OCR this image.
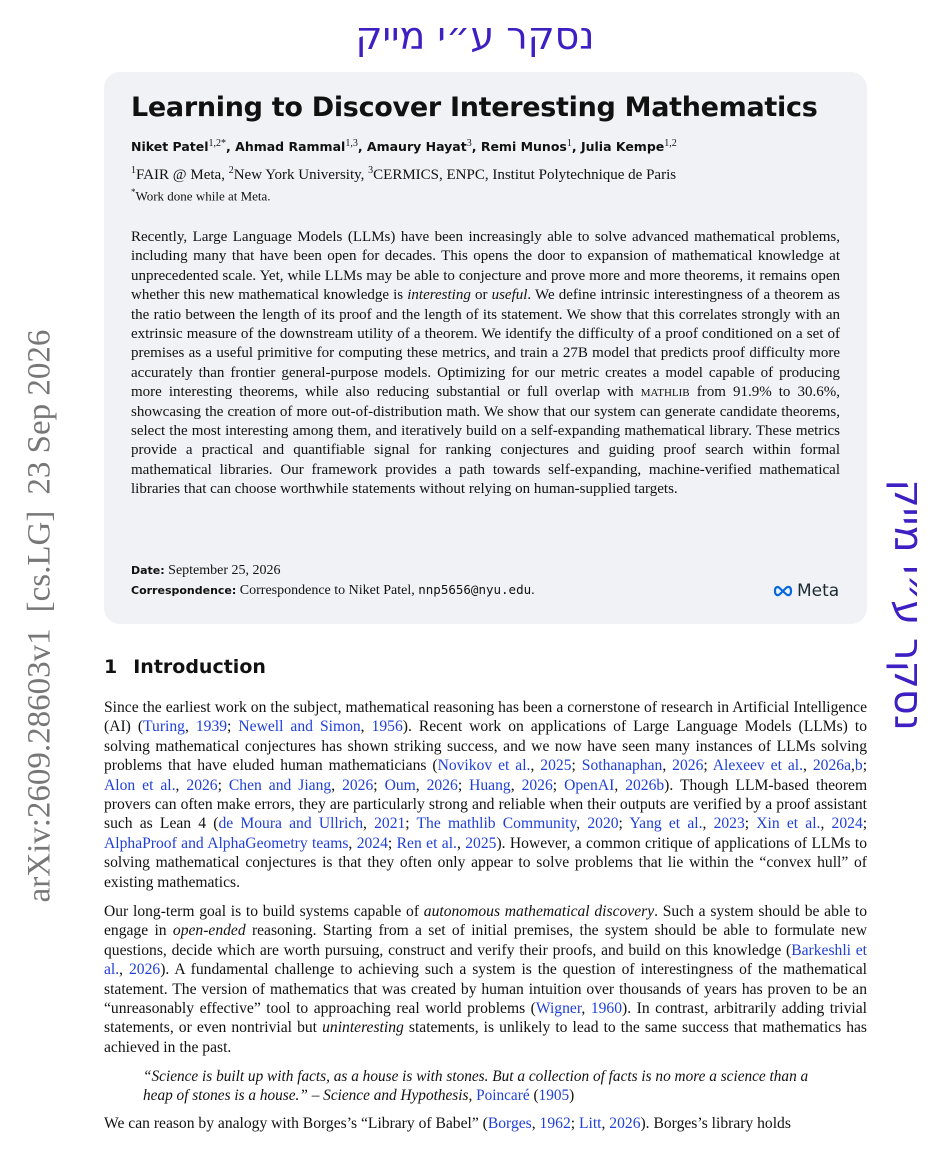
נסקר ע״י מייק
נסקר ע״י מייק
arXiv:2609.28603v1[cs.LG]23 Sep 2026
Learning to Discover Interesting Mathematics
Niket Patel$^{1,2*}$, Ahmad Rammal$^{1,3}$, Amaury Hayat$^3$, Remi Munos$^1$, Julia Kempe$^{1,2}$
$^1$FAIR @ Meta, $^2$New York University, $^3$CERMICS, ENPC, Institut Polytechnique de Paris
*Work done while at Meta.

Recently, Large Language Models (LLMs) have been increasingly able to solve advanced mathematical problems, including many that have been open for decades. This opens the door to expansion of mathematical knowledge at unprecedented scale. Yet, while LLMs may be able to conjecture and prove more and more theorems, it remains open whether this new mathematical knowledge is interesting or useful. We define intrinsic interestingness of a theorem as the ratio between the length of its proof and the length of its statement. We show that this correlates strongly with an extrinsic measure of the downstream utility of a theorem. We identify the difficulty of a proof conditioned on a set of premises as a useful primitive for computing these metrics, and train a 27B model that predicts proof difficulty more accurately than frontier general-purpose models. Optimizing for our metric creates a model capable of producing more interesting theorems, while also reducing substantial or full overlap with mathlib from 91.9% to 30.6%, showcasing the creation of more out-of-distribution math. We show that our system can generate candidate theorems, select the most interesting among them, and iteratively build on a self-expanding mathematical library. These metrics provide a practical and quantifiable signal for ranking conjectures and guiding proof search within formal mathematical libraries. Our framework provides a path towards self-expanding, machine-verified mathematical libraries that can choose worthwhile statements without relying on human-supplied targets.

Date: September 25, 2026
Correspondence: Correspondence to Niket Patel, nnp5656@nyu.edu.	Meta
1 Introduction

Since the earliest work on the subject, mathematical reasoning has been a cornerstone of research in Artificial Intelligence (AI) (Turing, 1939; Newell and Simon, 1956). Recent work on applications of Large Language Models (LLMs) to solving mathematical conjectures has shown striking success, and we now have seen many instances of LLMs solving problems that have eluded human mathematicians (Novikov et al., 2025; Sothanaphan, 2026; Alexeev et al., 2026a,b; Alon et al., 2026; Chen and Jiang, 2026; Oum, 2026; Huang, 2026; OpenAI, 2026b). Though LLM-based theorem provers can often make errors, they are particularly strong and reliable when their outputs are verified by a proof assistant such as Lean 4 (de Moura and Ullrich, 2021; The mathlib Community, 2020; Yang et al., 2023; Xin et al., 2024; AlphaProof and AlphaGeometry teams, 2024; Ren et al., 2025). However, a common critique of applications of LLMs to solving mathematical conjectures is that they often only appear to solve problems that lie within the “convex hull” of existing mathematics.

Our long-term goal is to build systems capable of autonomous mathematical discovery. Such a system should be able to engage in open-ended reasoning. Starting from a set of initial premises, the system should be able to formulate new questions, decide which are worth pursuing, construct and verify their proofs, and build on this knowledge (Barkeshli et al., 2026). A fundamental challenge to achieving such a system is the question of interestingness of the mathematical statement. The version of mathematics that was created by human intuition over thousands of years has proven to be an “unreasonably effective” tool to approaching real world problems (Wigner, 1960). In contrast, arbitrarily adding trivial statements, or even nontrivial but uninteresting statements, is unlikely to lead to the same success that mathematics has achieved in the past.

“Science is built up with facts, as a house is with stones. But a collection of facts is no more a science than a heap of stones is a house.” – Science and Hypothesis, Poincaré (1905)

We can reason by analogy with Borges’s “Library of Babel” (Borges, 1962; Litt, 2026). Borges’s library holds
